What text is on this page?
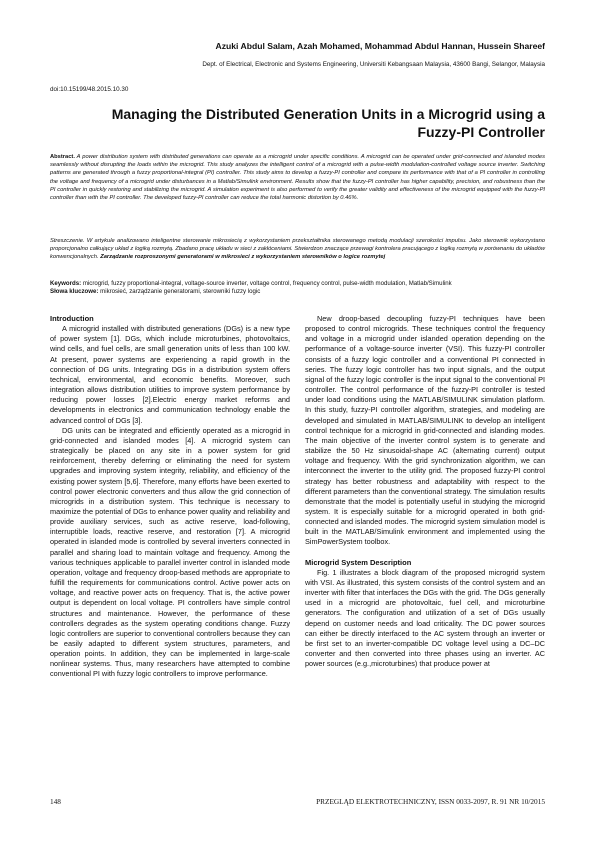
Azuki Abdul Salam, Azah Mohamed, Mohammad Abdul Hannan, Hussein Shareef
Dept. of Electrical, Electronic and Systems Engineering, Universiti Kebangsaan Malaysia, 43600 Bangi, Selangor, Malaysia
doi:10.15199/48.2015.10.30
Managing the Distributed Generation Units in a Microgrid using a Fuzzy-PI Controller
Abstract. A power distribution system with distributed generations can operate as a microgrid under specific conditions. A microgrid can be operated under grid-connected and islanded modes seamlessly without disrupting the loads within the microgrid. This study analyzes the intelligent control of a microgrid with a pulse-width modulation-controlled voltage source inverter. Switching patterns are generated through a fuzzy proportional-integral (PI) controller. This study aims to develop a fuzzy-PI controller and compare its performance with that of a PI controller in controlling the voltage and frequency of a microgrid under disturbances in a Matlab/Simulink environment. Results show that the fuzzy-PI controller has higher capability, precision, and robustness than the PI controller in quickly restoring and stabilizing the microgrid. A simulation experiment is also performed to verify the greater validity and effectiveness of the microgrid equipped with the fuzzy-PI controller than with the PI controller. The developed fuzzy-PI controller can reduce the total harmonic distortion by 0.46%.
Streszczenie. W artykule analizowano inteligentne sterowanie mikrosiecią z wykorzystaniem przekształtnika sterowanego metodą modulacji szerokości impulsu. Jako sterownik wykorzystano proporcjonalno całkujący układ z logiką rozmytą. Zbadano pracę układu w sieci z zakłóceniami. Stwierdzon znaczące przewagi kontrolera pracującego z logiką rozmytą w porównaniu do układów konwencjonalnych. Zarządzanie rozproszonymi generatorami w mikrosieci z wykorzystaniem sterowników o logice rozmytej
Keywords: microgrid, fuzzy proportional-integral, voltage-source inverter, voltage control, frequency control, pulse-width modulation, Matlab/Simulink
Słowa kluczowe: mikrosieć, zarządzanie generatorami, sterowniki fuzzy logic
Introduction

A microgrid installed with distributed generations (DGs) is a new type of power system [1]. DGs, which include microturbines, photovoltaics, wind cells, and fuel cells, are small generation units of less than 100 kW. At present, power systems are experiencing a rapid growth in the connection of DG units. Integrating DGs in a distribution system offers technical, environmental, and economic benefits. Moreover, such integration allows distribution utilities to improve system performance by reducing power losses [2].Electric energy market reforms and developments in electronics and communication technology enable the advanced control of DGs [3].

DG units can be integrated and efficiently operated as a microgrid in grid-connected and islanded modes [4]. A microgrid system can strategically be placed on any site in a power system for grid reinforcement, thereby deferring or eliminating the need for system upgrades and improving system integrity, reliability, and efficiency of the existing power system [5,6]. Therefore, many efforts have been exerted to control power electronic converters and thus allow the grid connection of microgrids in a distribution system. This technique is necessary to maximize the potential of DGs to enhance power quality and reliability and provide auxiliary services, such as active reserve, load-following, interruptible loads, reactive reserve, and restoration [7]. A microgrid operated in islanded mode is controlled by several inverters connected in parallel and sharing load to maintain voltage and frequency. Among the various techniques applicable to parallel inverter control in islanded mode operation, voltage and frequency droop-based methods are appropriate to fulfill the requirements for communications control. Active power acts on voltage, and reactive power acts on frequency. That is, the active power output is dependent on local voltage. PI controllers have simple control structures and maintenance. However, the performance of these controllers degrades as the system operating conditions change. Fuzzy logic controllers are superior to conventional controllers because they can be easily adapted to different system structures, parameters, and operation points. In addition, they can be implemented in large-scale nonlinear systems. Thus, many researchers have attempted to combine conventional PI with fuzzy logic controllers to improve performance.

New droop-based decoupling fuzzy-PI techniques have been proposed to control microgrids. These techniques control the frequency and voltage in a microgrid under islanded operation depending on the performance of a voltage-source inverter (VSI). This fuzzy-PI controller consists of a fuzzy logic controller and a conventional PI connected in series. The fuzzy logic controller has two input signals, and the output signal of the fuzzy logic controller is the input signal to the conventional PI controller. The control performance of the fuzzy-PI controller is tested under load conditions using the MATLAB/SIMULINK simulation platform. In this study, fuzzy-PI controller algorithm, strategies, and modeling are developed and simulated in MATLAB/SIMULINK to develop an intelligent control technique for a microgrid in grid-connected and islanding modes. The main objective of the inverter control system is to generate and stabilize the 50 Hz sinusoidal-shape AC (alternating current) output voltage and frequency. With the grid synchronization algorithm, we can interconnect the inverter to the utility grid. The proposed fuzzy-PI control strategy has better robustness and adaptability with respect to the different parameters than the conventional strategy. The simulation results demonstrate that the model is potentially useful in studying the microgrid system. It is especially suitable for a microgrid operated in both grid-connected and islanded modes. The microgrid system simulation model is built in the MATLAB/Simulink environment and implemented using the SimPowerSystem toolbox.

Microgrid System Description

Fig. 1 illustrates a block diagram of the proposed microgrid system with VSI. As illustrated, this system consists of the control system and an inverter with filter that interfaces the DGs with the grid. The DGs generally used in a microgrid are photovoltaic, fuel cell, and microturbine generators. The configuration and utilization of a set of DGs usually depend on customer needs and load criticality. The DC power sources can either be directly interfaced to the AC system through an inverter or be first set to an inverter-compatible DC voltage level using a DC–DC converter and then converted into three phases using an inverter. AC power sources (e.g.,microturbines) that produce power at

148	PRZEGLĄD ELEKTROTECHNICZNY, ISSN 0033-2097, R. 91 NR 10/2015
